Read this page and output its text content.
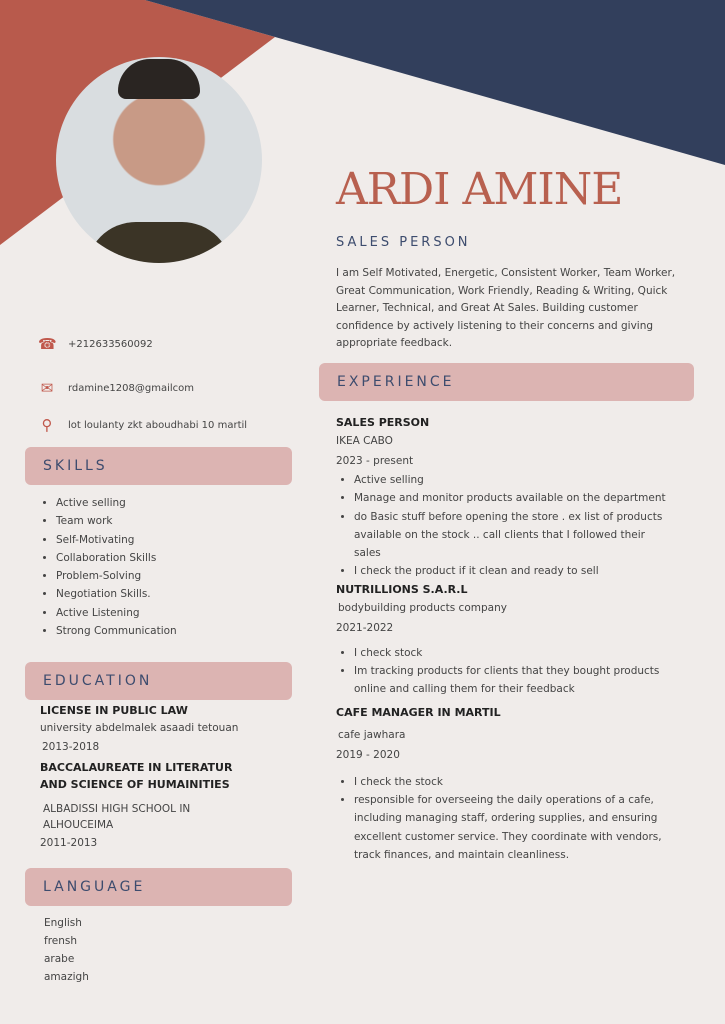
ARDI AMINE
SALES PERSON
I am Self Motivated, Energetic, Consistent Worker, Team Worker, Great Communication, Work Friendly, Reading & Writing, Quick Learner, Technical, and Great At Sales. Building customer confidence by actively listening to their concerns and giving appropriate feedback.
☎ +212633560092
✉ rdamine1208@gmailcom
⚲	lot loulanty zkt aboudhabi 10 martil
SKILLS
• Active selling
• Team work
• Self-Motivating
• Collaboration Skills
• Problem-Solving
• Negotiation Skills.
• Active Listening
• Strong Communication
EDUCATION
LICENSE IN PUBLIC LAW
university abdelmalek asaadi tetouan
2013-2018
BACCALAUREATE IN LITERATUR AND SCIENCE OF HUMAINITIES
ALBADISSI HIGH SCHOOL IN ALHOUCEIMA
2011-2013
LANGUAGE
English
frensh
arabe
amazigh
EXPERIENCE
SALES PERSON
IKEA CABO
2023 - present
• Active selling
• Manage and monitor products available on the department
• do Basic stuff before opening the store . ex list of products available on the stock .. call clients that I followed their sales
• I check the product if it clean and ready to sell
NUTRILLIONS S.A.R.L
bodybuilding products company
2021-2022
• I check stock
• Im tracking products for clients that they bought products online and calling them for their feedback
CAFE MANAGER IN MARTIL
cafe jawhara
2019 - 2020
• I check the stock
• responsible for overseeing the daily operations of a cafe, including managing staff, ordering supplies, and ensuring excellent customer service. They coordinate with vendors, track finances, and maintain cleanliness.
